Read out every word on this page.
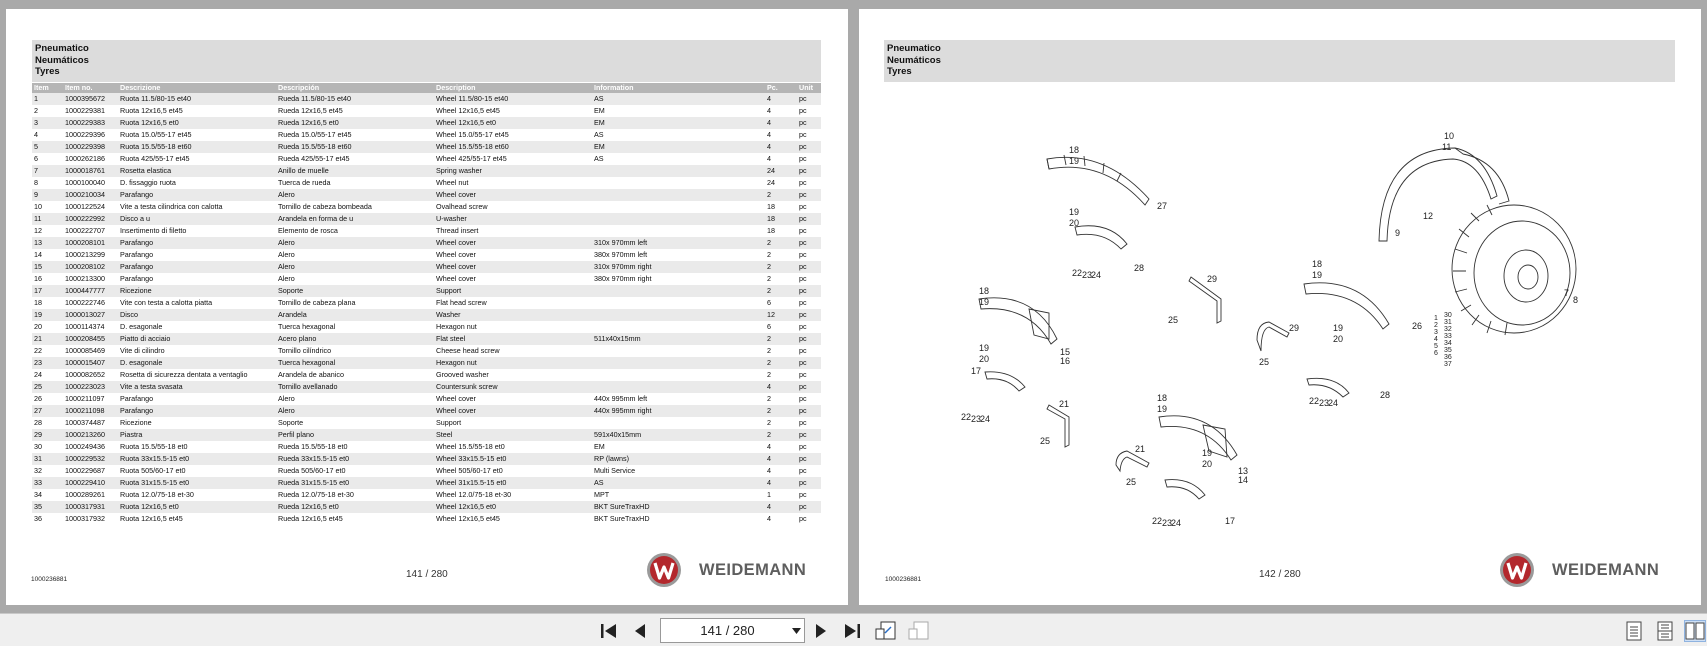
Pneumatico
Neumáticos
Tyres
Item	Item no.	Descrizione	Descripción	Description	Information	Pc.	Unit
1	1000395672	Ruota 11.5/80-15 et40	Rueda 11.5/80-15 et40	Wheel 11.5/80-15 et40	AS	4	pc
2	1000229381	Ruota 12x16,5 et45	Rueda 12x16,5 et45	Wheel 12x16,5 et45	EM	4	pc
3	1000229383	Ruota 12x16,5 et0	Rueda 12x16,5 et0	Wheel 12x16,5 et0	EM	4	pc
4	1000229396	Ruota 15.0/55-17 et45	Rueda 15.0/55-17 et45	Wheel 15.0/55-17 et45	AS	4	pc
5	1000229398	Ruota 15.5/55-18 et60	Rueda 15.5/55-18 et60	Wheel 15.5/55-18 et60	EM	4	pc
6	1000262186	Ruota 425/55-17 et45	Rueda 425/55-17 et45	Wheel 425/55-17 et45	AS	4	pc
7	1000018761	Rosetta elastica	Anillo de muelle	Spring washer		24	pc
8	1000100040	D. fissaggio ruota	Tuerca de rueda	Wheel nut		24	pc
9	1000210034	Parafango	Alero	Wheel cover		2	pc
10	1000122524	Vite a testa cilindrica con calotta	Tornillo de cabeza bombeada	Ovalhead screw		18	pc
11	1000222992	Disco a u	Arandela en forma de u	U-washer		18	pc
12	1000222707	Insertimento di filetto	Elemento de rosca	Thread insert		18	pc
13	1000208101	Parafango	Alero	Wheel cover	310x 970mm left	2	pc
14	1000213299	Parafango	Alero	Wheel cover	380x 970mm left	2	pc
15	1000208102	Parafango	Alero	Wheel cover	310x 970mm right	2	pc
16	1000213300	Parafango	Alero	Wheel cover	380x 970mm right	2	pc
17	1000447777	Ricezione	Soporte	Support		2	pc
18	1000222746	Vite con testa a calotta piatta	Tornillo de cabeza plana	Flat head screw		6	pc
19	1000013027	Disco	Arandela	Washer		12	pc
20	1000114374	D. esagonale	Tuerca hexagonal	Hexagon nut		6	pc
21	1000208455	Piatto di acciaio	Acero plano	Flat steel	511x40x15mm	2	pc
22	1000085469	Vite di cilindro	Tornillo cilíndrico	Cheese head screw		2	pc
23	1000015407	D. esagonale	Tuerca hexagonal	Hexagon nut		2	pc
24	1000082652	Rosetta di sicurezza dentata a ventaglio	Arandela de abanico	Grooved washer		2	pc
25	1000223023	Vite a testa svasata	Tornillo avellanado	Countersunk screw		4	pc
26	1000211097	Parafango	Alero	Wheel cover	440x 995mm left	2	pc
27	1000211098	Parafango	Alero	Wheel cover	440x 995mm right	2	pc
28	1000374487	Ricezione	Soporte	Support		2	pc
29	1000213260	Piastra	Perfil plano	Steel	591x40x15mm	2	pc
30	1000249436	Ruota 15.5/55-18 et0	Rueda 15.5/55-18 et0	Wheel 15.5/55-18 et0	EM	4	pc
31	1000229532	Ruota 33x15.5-15 et0	Rueda 33x15.5-15 et0	Wheel 33x15.5-15 et0	RP (lawns)	4	pc
32	1000229687	Ruota 505/60-17 et0	Rueda 505/60-17 et0	Wheel 505/60-17 et0	Multi Service	4	pc
33	1000229410	Ruota 31x15.5-15 et0	Rueda 31x15.5-15 et0	Wheel 31x15.5-15 et0	AS	4	pc
34	1000289261	Ruota 12.0/75-18 et-30	Rueda 12.0/75-18 et-30	Wheel 12.0/75-18 et-30	MPT	1	pc
35	1000317931	Ruota 12x16,5 et0	Rueda 12x16,5 et0	Wheel 12x16,5 et0	BKT SureTraxHD	4	pc
36	1000317932	Ruota 12x16,5 et45	Rueda 12x16,5 et45	Wheel 12x16,5 et45	BKT SureTraxHD	4	pc
1000236881	141 / 280	WEIDEMANN
Pneumatico
Neumáticos
Tyres
18
19
19
20
27
22 23
24
28
29
25
18
19
19
20
15
16
17
22 23
24
21
25
18
19
19
20
13
14
21
25
22 23
24	17
10
11
12
9
18
19
19
20
26
29
25
22 23
24
28
7
8
30
31
32
33
34
35
36
37
1
2
3
4
5
6
1000236881	142 / 280	WEIDEMANN
141 / 280
